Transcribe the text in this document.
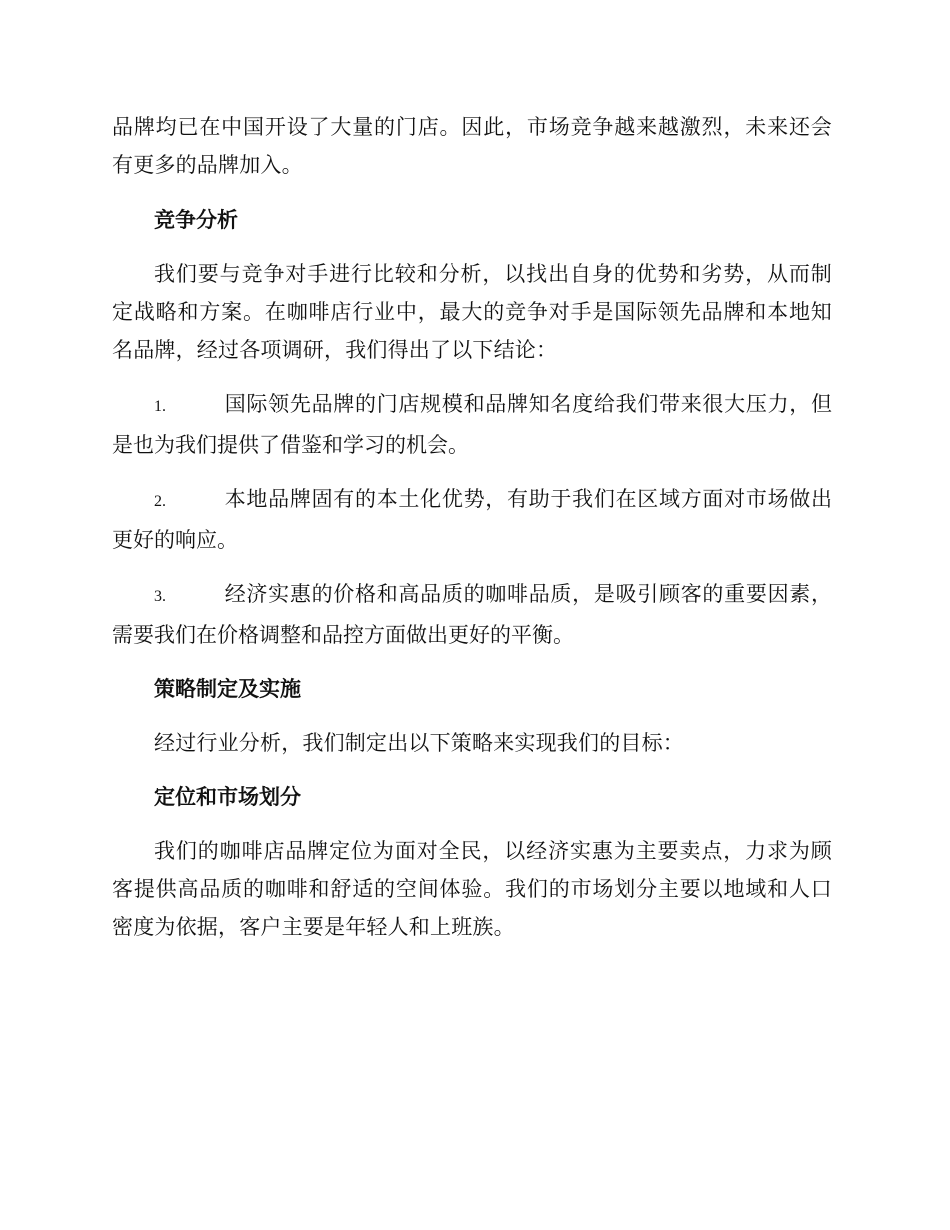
品牌均已在中国开设了大量的门店。因此，市场竞争越来越激烈，未来还会有更多的品牌加入。

竞争分析

我们要与竞争对手进行比较和分析，以找出自身的优势和劣势，从而制定战略和方案。在咖啡店行业中，最大的竞争对手是国际领先品牌和本地知名品牌，经过各项调研，我们得出了以下结论：

1.	国际领先品牌的门店规模和品牌知名度给我们带来很大压力，但是也为我们提供了借鉴和学习的机会。

2.	本地品牌固有的本土化优势，有助于我们在区域方面对市场做出更好的响应。

3.	经济实惠的价格和高品质的咖啡品质，是吸引顾客的重要因素，需要我们在价格调整和品控方面做出更好的平衡。

策略制定及实施

经过行业分析，我们制定出以下策略来实现我们的目标：

定位和市场划分

我们的咖啡店品牌定位为面对全民，以经济实惠为主要卖点，力求为顾客提供高品质的咖啡和舒适的空间体验。我们的市场划分主要以地域和人口密度为依据，客户主要是年轻人和上班族。
